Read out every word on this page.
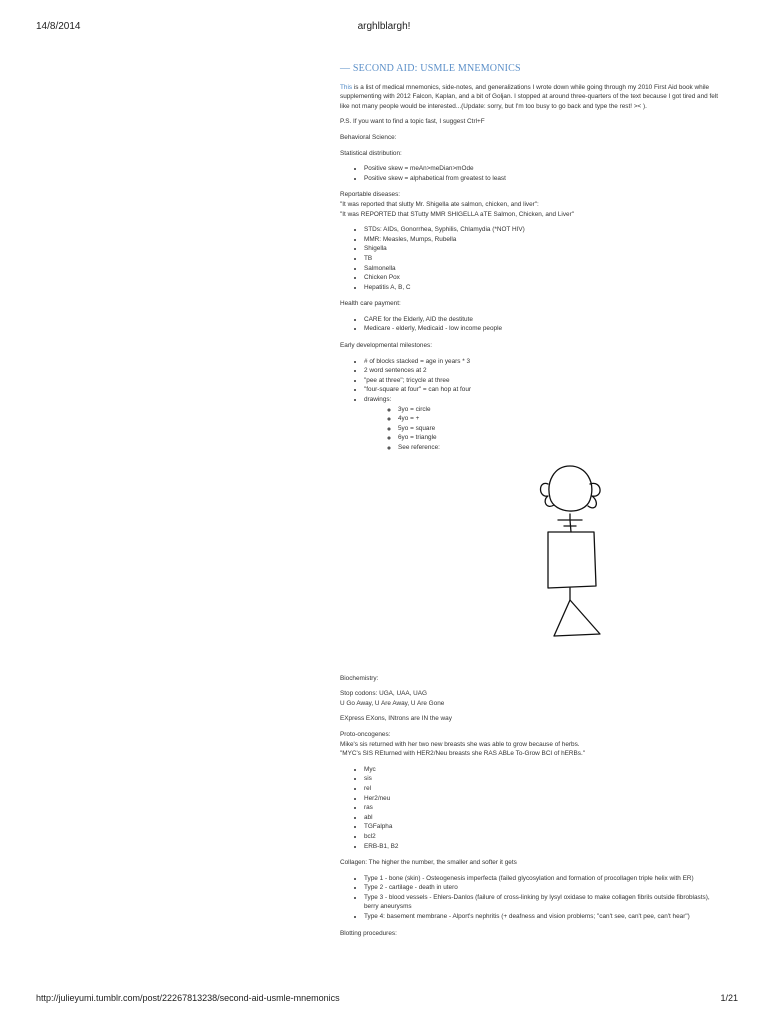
14/8/2014	arghlblargh!
— SECOND AID: USMLE MNEMONICS

This is a list of medical mnemonics, side-notes, and generalizations I wrote down while going through my 2010 First Aid book while supplementing with 2012 Falcon, Kaplan, and a bit of Goljan. I stopped at around three-quarters of the text because I got tired and felt like not many people would be interested...(Update: sorry, but I'm too busy to go back and type the rest! >< ).

P.S. If you want to find a topic fast, I suggest Ctrl+F

Behavioral Science:

Statistical distribution:

• Positive skew = meAn>meDian>mOde
• Positive skew = alphabetical from greatest to least

Reportable diseases:
"It was reported that slutty Mr. Shigella ate salmon, chicken, and liver":
"It was REPORTED that STutty MMR SHIGELLA aTE Salmon, Chicken, and Liver"

• STDs: AIDs, Gonorrhea, Syphilis, Chlamydia (*NOT HIV)
• MMR: Measles, Mumps, Rubella
• Shigella
• TB
• Salmonella
• Chicken Pox
• Hepatitis A, B, C

Health care payment:

• CARE for the Elderly, AID the destitute
• Medicare - elderly, Medicaid - low income people

Early developmental milestones:

• # of blocks stacked = age in years * 3
• 2 word sentences at 2
• "pee at three"; tricycle at three
• "four-square at four" = can hop at four
• drawings:
◦ 3yo = circle
◦ 4yo = +
◦ 5yo = square
◦ 6yo = triangle
◦ See reference:

Biochemistry:

Stop codons: UGA, UAA, UAG
U Go Away, U Are Away, U Are Gone

EXpress EXons, INtrons are IN the way

Proto-oncogenes:
Mike's sis returned with her two new breasts she was able to grow because of herbs.
"MYC's SIS REturned with HER2/Neu breasts she RAS ABLe To-Grow BCI of hERBs."

• Myc
• sis
• rel
• Her2/neu
• ras
• abl
• TGFalpha
• bcl2
• ERB-B1, B2

Collagen: The higher the number, the smaller and softer it gets

• Type 1 - bone (skin) - Osteogenesis imperfecta (failed glycosylation and formation of procollagen triple helix with ER)
• Type 2 - cartilage - death in utero
• Type 3 - blood vessels - Ehlers-Danlos (failure of cross-linking by lysyl oxidase to make collagen fibrils outside fibroblasts), berry aneurysms
• Type 4: basement membrane - Alport's nephritis (+ deafness and vision problems; "can't see, can't pee, can't hear")

Blotting procedures:

http://julieyumi.tumblr.com/post/22267813238/second-aid-usmle-mnemonics	1/21
